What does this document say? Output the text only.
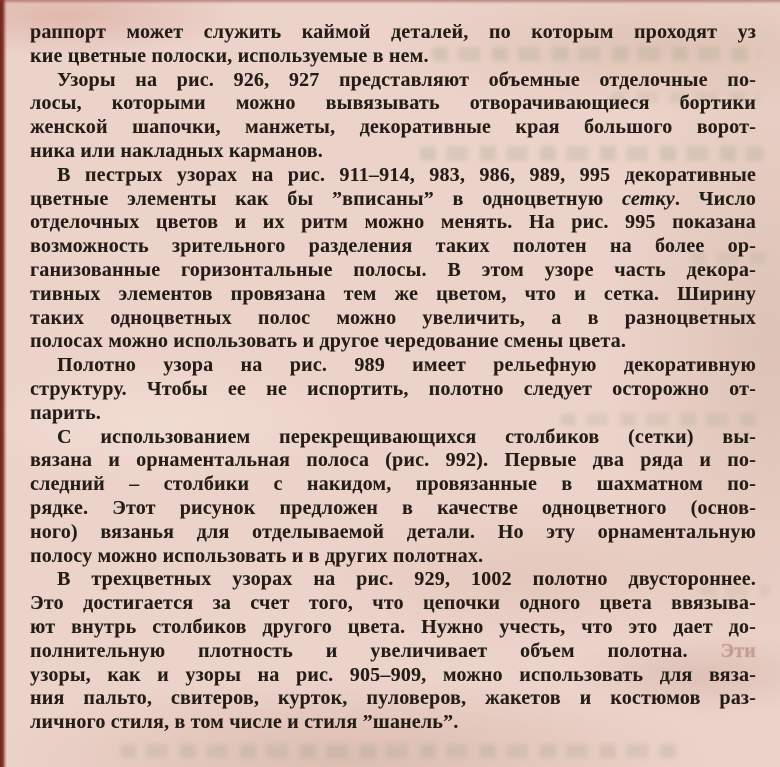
раппорт может служить каймой деталей, по которым проходят уз
кие цветные полоски, используемые в нем.
Узоры на рис. 926, 927 представляют объемные отделочные по-
лосы, которыми можно вывязывать отворачивающиеся бортики
женской шапочки, манжеты, декоративные края большого ворот-
ника или накладных карманов.
В пестрых узорах на рис. 911–914, 983, 986, 989, 995 декоративные
цветные элементы как бы ”вписаны” в одноцветную сетку. Число
отделочных цветов и их ритм можно менять. На рис. 995 показана
возможность зрительного разделения таких полотен на более ор-
ганизованные горизонтальные полосы. В этом узоре часть декора-
тивных элементов провязана тем же цветом, что и сетка. Ширину
таких одноцветных полос можно увеличить, а в разноцветных
полосах можно использовать и другое чередование смены цвета.
Полотно узора на рис. 989 имеет рельефную декоративную
структуру. Чтобы ее не испортить, полотно следует осторожно от-
парить.
С использованием перекрещивающихся столбиков (сетки) вы-
вязана и орнаментальная полоса (рис. 992). Первые два ряда и по-
следний – столбики с накидом, провязанные в шахматном по-
рядке. Этот рисунок предложен в качестве одноцветного (основ-
ного) вязанья для отделываемой детали. Но эту орнаментальную
полосу можно использовать и в других полотнах.
В трехцветных узорах на рис. 929, 1002 полотно двустороннее.
Это достигается за счет того, что цепочки одного цвета ввязыва-
ют внутрь столбиков другого цвета. Нужно учесть, что это дает до-
полнительную плотность и увеличивает объем полотна. Эти
узоры, как и узоры на рис. 905–909, можно использовать для вяза-
ния пальто, свитеров, курток, пуловеров, жакетов и костюмов раз-
личного стиля, в том числе и стиля ”шанель”.
